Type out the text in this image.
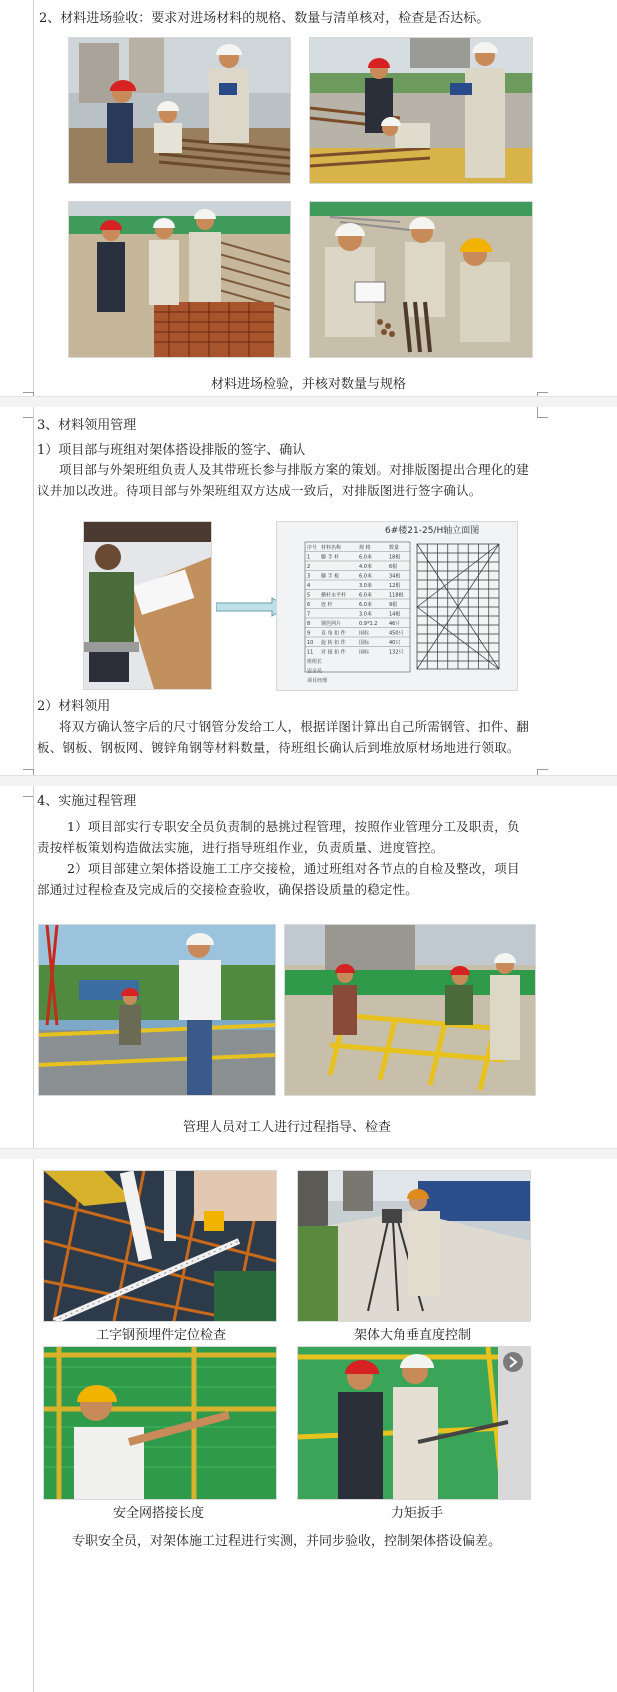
2、材料进场验收：要求对进场材料的规格、数量与清单核对，检查是否达标。
材料进场检验，并核对数量与规格
3、材料领用管理
1）项目部与班组对架体搭设排版的签字、确认
项目部与外架班组负责人及其带班长参与排版方案的策划。对排版图提出合理化的建议并加以改进。待项目部与外架班组双方达成一致后，对排版图进行签字确认。
6#楼21-25/H轴立面图
序号 材料名称	规 格	数量
1 脚 手 杆	6.0米	18根
2	4.0米	6根
3 脚 手 板	6.0米	34根
4	3.0米	12根
5 横杆水平杆	6.0米	118根
6 连 杆	6.0米	9根
7	3.0米	14根
8 钢笆网片	0.9*1.2 46片
9 直 角 扣 件	国标	450只
10 旋 转 扣 件	国标	40只
11 对 接 扣 件	国标	132只
班组长
安全员
项目经理
2）材料领用
将双方确认签字后的尺寸钢管分发给工人，根据详图计算出自己所需钢管、扣件、翻板、钢板、钢板网、镀锌角钢等材料数量，待班组长确认后到堆放原材场地进行领取。
4、实施过程管理
1）项目部实行专职安全员负责制的悬挑过程管理，按照作业管理分工及职责，负责按样板策划构造做法实施，进行指导班组作业，负责质量、进度管控。
2）项目部建立架体搭设施工工序交接检，通过班组对各节点的自检及整改，项目部通过过程检查及完成后的交接检查验收，确保搭设质量的稳定性。
管理人员对工人进行过程指导、检查
工字钢预埋件定位检查	架体大角垂直度控制
安全网搭接长度	力矩扳手
专职安全员，对架体施工过程进行实测，并同步验收，控制架体搭设偏差。
